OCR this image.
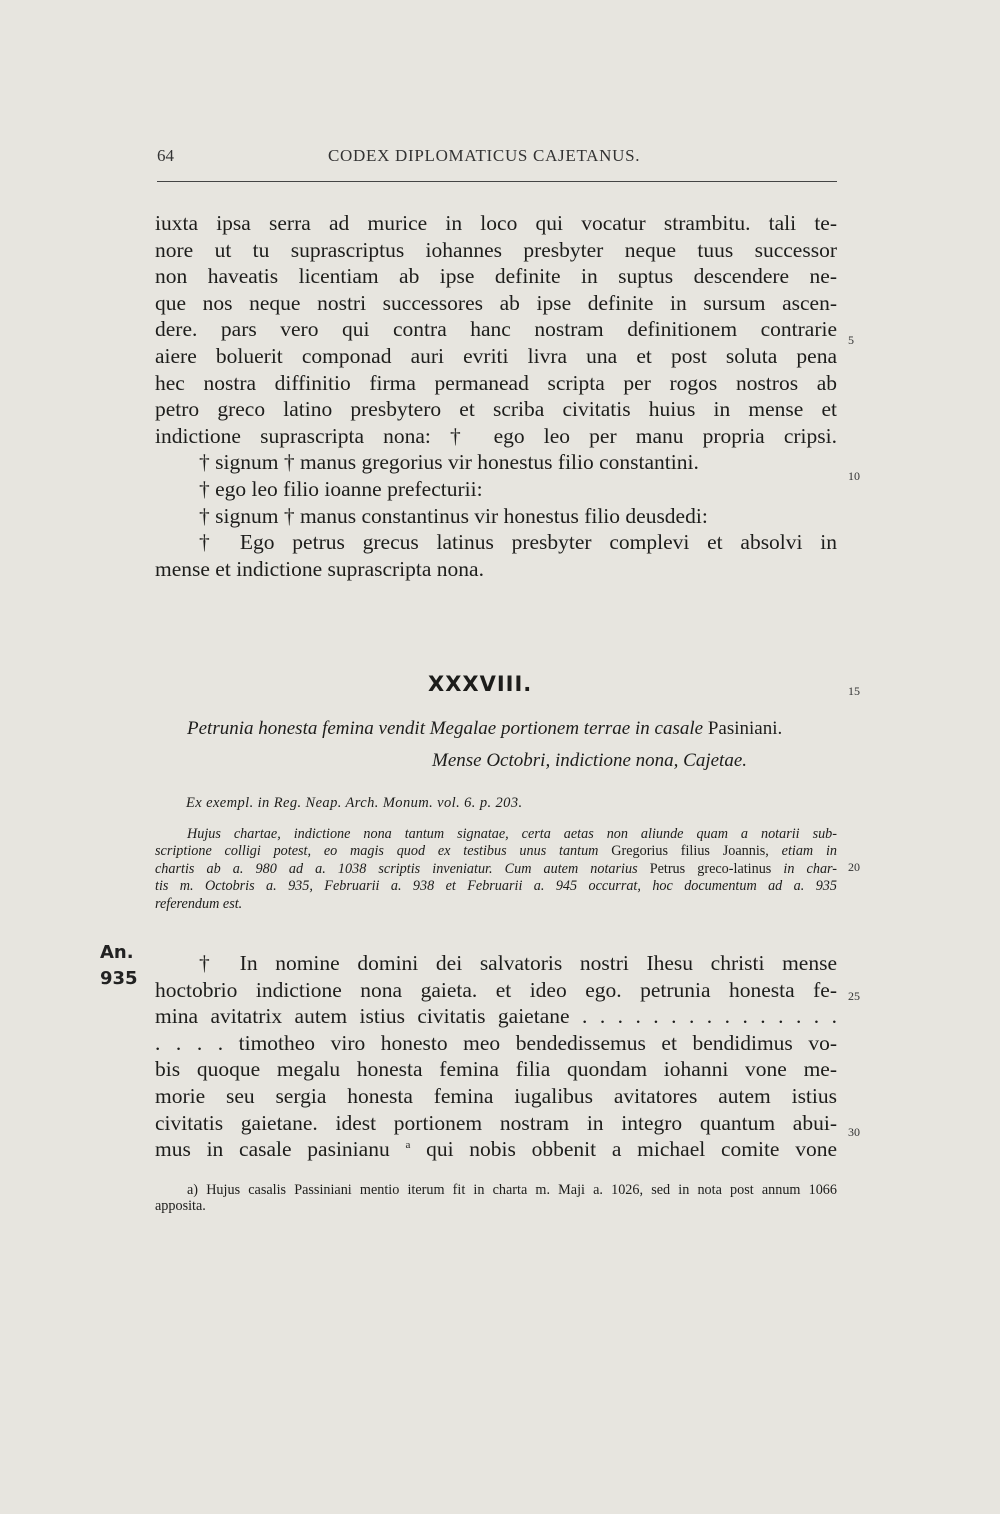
64	CODEX DIPLOMATICUS CAJETANUS.
iuxta ipsa serra ad murice in loco qui vocatur strambitu. tali te-
nore ut tu suprascriptus iohannes presbyter neque tuus successor
non haveatis licentiam ab ipse definite in suptus descendere ne-
que nos neque nostri successores ab ipse definite in sursum ascen-
dere. pars vero qui contra hanc nostram definitionem contrarie
aiere boluerit componad auri evriti livra una et post soluta pena
hec nostra diffinitio firma permanead scripta per rogos nostros ab
petro greco latino presbytero et scriba civitatis huius in mense et
indictione suprascripta nona: † ego leo per manu propria cripsi.
† signum † manus gregorius vir honestus filio constantini.
† ego leo filio ioanne prefecturii:
† signum † manus constantinus vir honestus filio deusdedi:
† Ego petrus grecus latinus presbyter complevi et absolvi in
mense et indictione suprascripta nona.
5
10
15
20
25
30
XXXVIII.
Petrunia honesta femina vendit Megalae portionem terrae in casale Pasiniani.
Mense Octobri, indictione nona, Cajetae.
Ex exempl. in Reg. Neap. Arch. Monum. vol. 6. p. 203.
Hujus chartae, indictione nona tantum signatae, certa aetas non aliunde quam a notarii sub-
scriptione colligi potest, eo magis quod ex testibus unus tantum Gregorius filius Joannis, etiam in
chartis ab a. 980 ad a. 1038 scriptis inveniatur. Cum autem notarius Petrus greco-latinus in char-
tis m. Octobris a. 935, Februarii a. 938 et Februarii a. 945 occurrat, hoc documentum ad a. 935
referendum est.
An.
935
† In nomine domini dei salvatoris nostri Ihesu christi mense
hoctobrio indictione nona gaieta. et ideo ego. petrunia honesta fe-
mina avitatrix autem istius civitatis gaietane . . . . . . . . . . . . . . .
. . . . timotheo viro honesto meo bendedissemus et bendidimus vo-
bis quoque megalu honesta femina filia quondam iohanni vone me-
morie seu sergia honesta femina iugalibus avitatores autem istius
civitatis gaietane. idest portionem nostram in integro quantum abui-
mus in casale pasinianu $^a$ qui nobis obbenit a michael comite vone
a) Hujus casalis Passiniani mentio iterum fit in charta m. Maji a. 1026, sed in nota post annum 1066
apposita.
